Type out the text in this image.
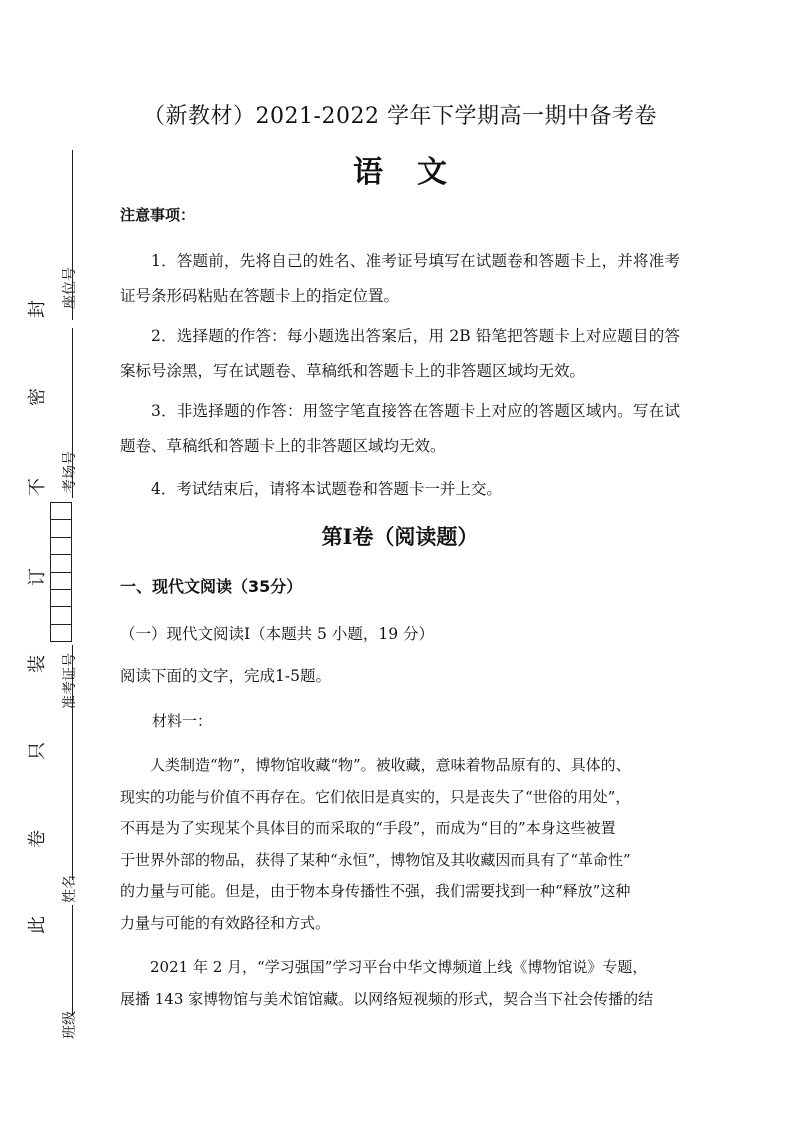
座位号
考场号
准考证号
姓名
班级
封
密
不
订
装
只
卷
此
（新教材）2021-2022 学年下学期高一期中备考卷
语文
注意事项：

1．答题前，先将自己的姓名、准考证号填写在试题卷和答题卡上，并将准考证号条形码粘贴在答题卡上的指定位置。

2．选择题的作答：每小题选出答案后，用 2B 铅笔把答题卡上对应题目的答案标号涂黑，写在试题卷、草稿纸和答题卡上的非答题区域均无效。

3．非选择题的作答：用签字笔直接答在答题卡上对应的答题区域内。写在试题卷、草稿纸和答题卡上的非答题区域均无效。

4．考试结束后，请将本试题卷和答题卡一并上交。

第Ⅰ卷（阅读题）
一、现代文阅读（35分）
（一）现代文阅读Ⅰ（本题共 5 小题，19 分）
阅读下面的文字，完成1-5题。
材料一：
人类制造“物”，博物馆收藏“物”。被收藏，意味着物品原有的、具体的、
现实的功能与价值不再存在。它们依旧是真实的，只是丧失了“世俗的用处”，
不再是为了实现某个具体目的而采取的“手段”，而成为“目的”本身这些被置
于世界外部的物品，获得了某种“永恒”，博物馆及其收藏因而具有了“革命性”
的力量与可能。但是，由于物本身传播性不强，我们需要找到一种“释放”这种
力量与可能的有效路径和方式。
2021 年 2 月，“学习强国”学习平台中华文博频道上线《博物馆说》专题，
展播 143 家博物馆与美术馆馆藏。以网络短视频的形式，契合当下社会传播的结
